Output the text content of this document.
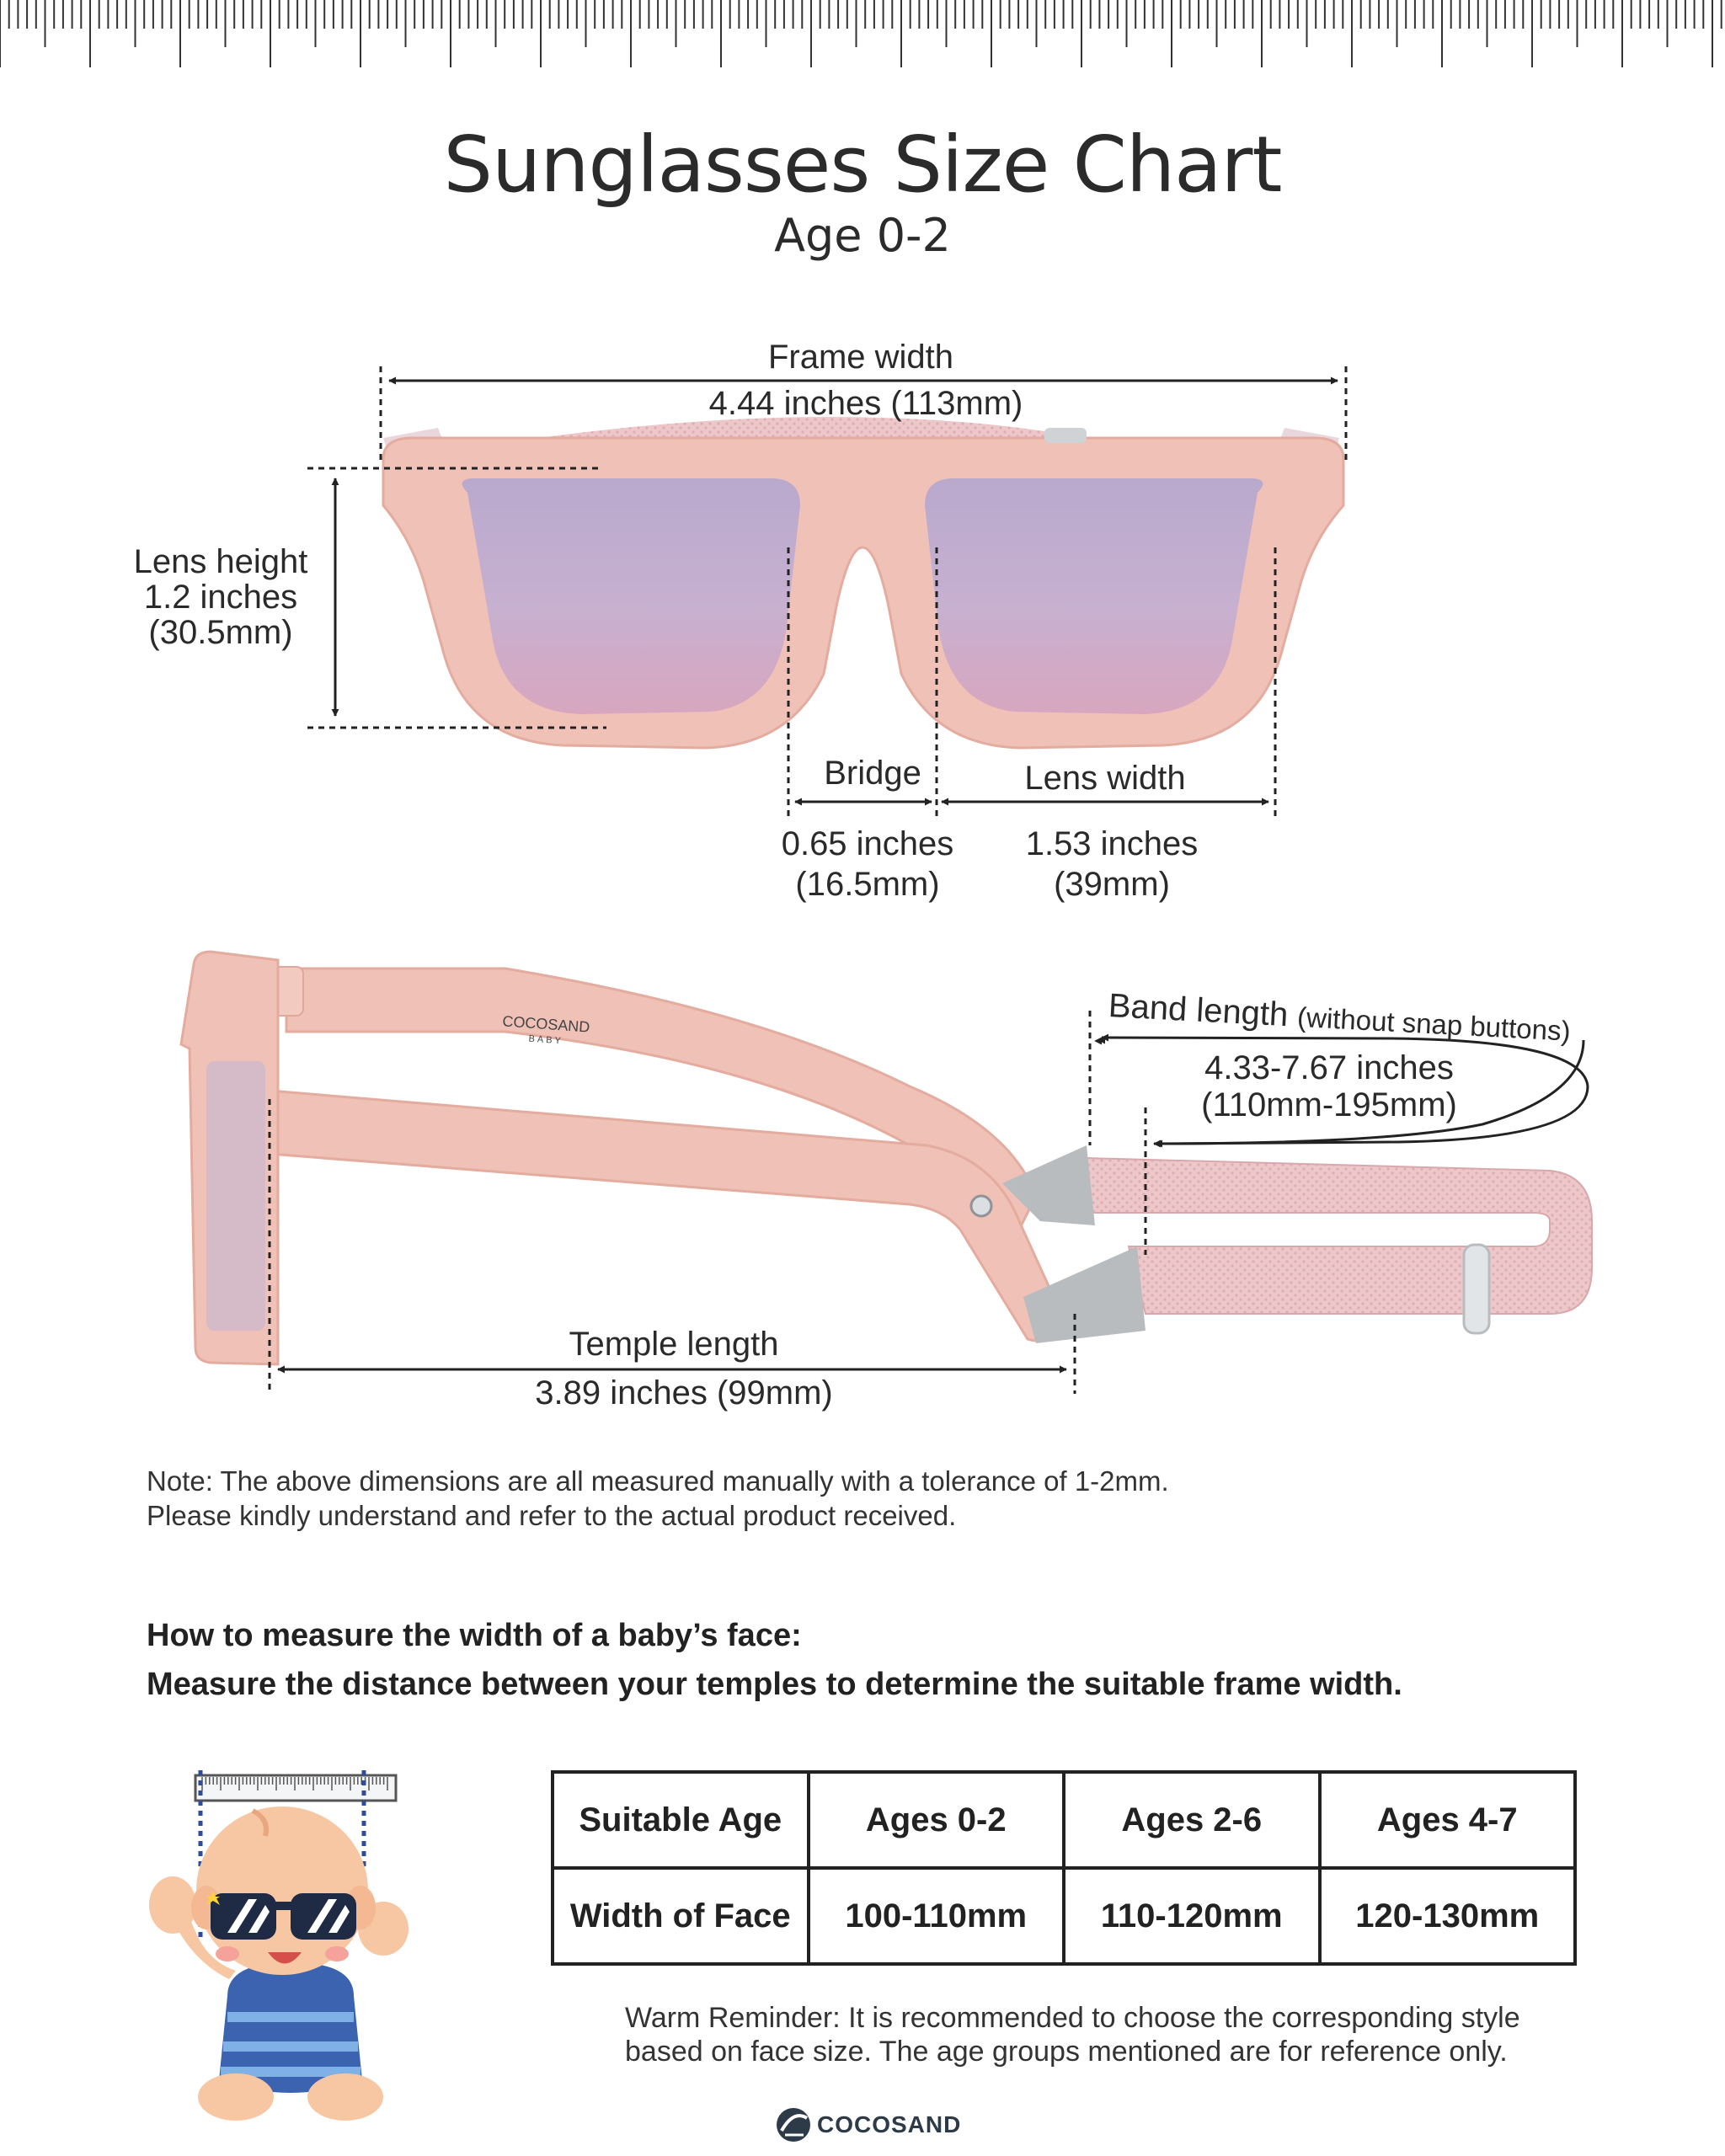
COCOSAND
BABY
Sunglasses Size Chart
Age 0-2
Frame width
4.44 inches (113mm)
Lens height
1.2 inches
(30.5mm)
Bridge
0.65 inches
(16.5mm)
Lens width
1.53 inches
(39mm)
Band length (without snap buttons)
4.33-7.67 inches
(110mm-195mm)
Temple length
3.89 inches (99mm)
Note: The above dimensions are all measured manually with a tolerance of 1-2mm.
Please kindly understand and refer to the actual product received.
How to measure the width of a baby’s face:
Measure the distance between your temples to determine the suitable frame width.
Suitable Age	Ages 0-2	Ages 2-6	Ages 4-7
Width of Face	100-110mm	110-120mm	120-130mm
Warm Reminder: It is recommended to choose the corresponding style
based on face size. The age groups mentioned are for reference only.
COCOSAND
